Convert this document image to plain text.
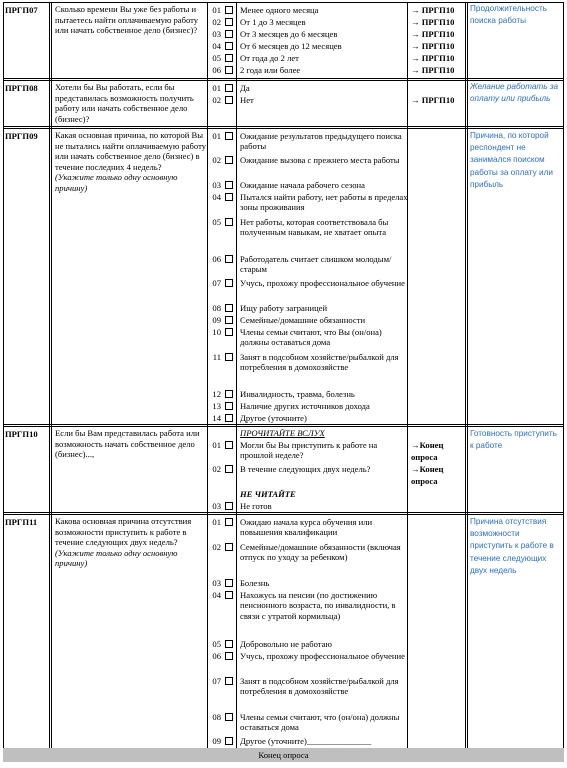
ПРГП07 Сколько времени Вы уже без работы и пытаетесь найти оплачиваемую работу или начать собственное дело (бизнес)?
01 Менее одного месяца	→ ПРГП10
02 От 1 до 3 месяцев	→ ПРГП10
03 От 3 месяцев до 6 месяцев	→ ПРГП10
04 От 6 месяцев до 12 месяцев	→ ПРГП10
05 От года до 2 лет	→ ПРГП10
06 2 года или более	→ ПРГП10
Продолжительность поиска работы
ПРГП08 Хотели бы Вы работать, если бы представилась возможность получить работу или начать собственное дело (бизнес)?
01 Да
02 Нет	→ ПРГП10
Желание работать за оплату или прибыль
ПРГП09 Какая основная причина, по которой Вы не пытались найти оплачиваемую работу или начать собственное дело (бизнес) в течение последних 4 недель?
(Укажите только одну основную причину)
01 Ожидание результатов предыдущего поиска работы
02 Ожидание вызова с прежнего места работы
03 Ожидание начала рабочего сезона
04 Пытался найти работу, нет работы в пределах зоны проживания
05 Нет работы, которая соответствовала бы полученным навыкам, не хватает опыта
06 Работодатель считает слишком молодым/старым
07 Учусь, прохожу профессиональное обучение
08 Ищу работу заграницей
09 Семейные/домашние обязанности
10 Члены семьи считают, что Вы (он/она) должны оставаться дома
11 Занят в подсобном хозяйстве/рыбалкой для потребления в домохозяйстве
12 Инвалидность, травма, болезнь
13 Наличие других источников дохода
14 Другое (уточните)
Причина, по которой респондент не занимался поиском работы за оплату или прибыль
ПРГП10 Если бы Вам представилась работа или возможность начать собственное дело (бизнес)...,
ПРОЧИТАЙТЕ ВСЛУХ
01 Могли бы Вы приступить к работе на прошлой неделе?
→Конец опроса
02 В течение следующих двух недель?	→Конец опроса
НЕ ЧИТАЙТЕ
03 Не готов
Готовность приступить к работе
ПРГП11 Какова основная причина отсутствия возможности приступить к работе в течение следующих двух недель?
(Укажите только одну основную причину)
01 Ожидаю начала курса обучения или повышения квалификации
02 Семейные/домашние обязанности (включая отпуск по уходу за ребенком)
03 Болезнь
04 Нахожусь на пенсии (по достижению пенсионного возраста, по инвалидности, в связи с утратой кормильца)
05 Добровольно не работаю
06 Учусь, прохожу профессиональное обучение
07 Занят в подсобном хозяйстве/рыбалкой для потребления в домохозяйстве
08 Члены семьи считают, что (он/она) должны оставаться дома
09 Другое (уточните)_______________
Причина отсутствия возможности приступить к работе в течение следующих двух недель
Конец опроса
